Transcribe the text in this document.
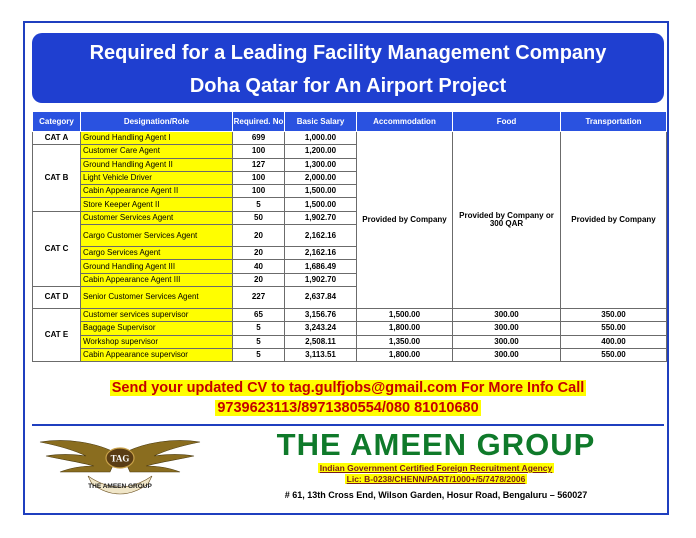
Required for a Leading Facility Management Company
Doha Qatar for An Airport Project
Category	Designation/Role	Required. No	Basic Salary	Accommodation	Food	Transportation
CAT A	Ground Handling Agent I	699	1,000.00	Provided by Company	Provided by Company or 300 QAR	Provided by Company
CAT B	Customer Care Agent	100	1,200.00			
	Ground Handling Agent II	127	1,300.00			
	Light Vehicle Driver	100	2,000.00			
	Cabin Appearance Agent II	100	1,500.00			
	Store Keeper Agent II	5	1,500.00			
CAT C	Customer Services Agent	50	1,902.70			
	Cargo Customer Services Agent	20	2,162.16			
	Cargo Services Agent	20	2,162.16			
	Ground Handling Agent III	40	1,686.49			
	Cabin Appearance Agent III	20	1,902.70			
CAT D	Senior Customer Services Agent	227	2,637.84			
CAT E	Customer services supervisor	65	3,156.76	1,500.00	300.00	350.00
	Baggage Supervisor	5	3,243.24	1,800.00	300.00	550.00
	Workshop supervisor	5	2,508.11	1,350.00	300.00	400.00
	Cabin Appearance supervisor	5	3,113.51	1,800.00	300.00	550.00
Send your updated CV to tag.gulfjobs@gmail.com For More Info Call
9739623113/8971380554/080 81010680
TAG
THE AMEEN GROUP
THE AMEEN GROUP
Indian Government Certified Foreign Recruitment Agency
Lic: B-0238/CHENN/PART/1000+/5/7478/2006
# 61, 13th Cross End, Wilson Garden, Hosur Road, Bengaluru – 560027
